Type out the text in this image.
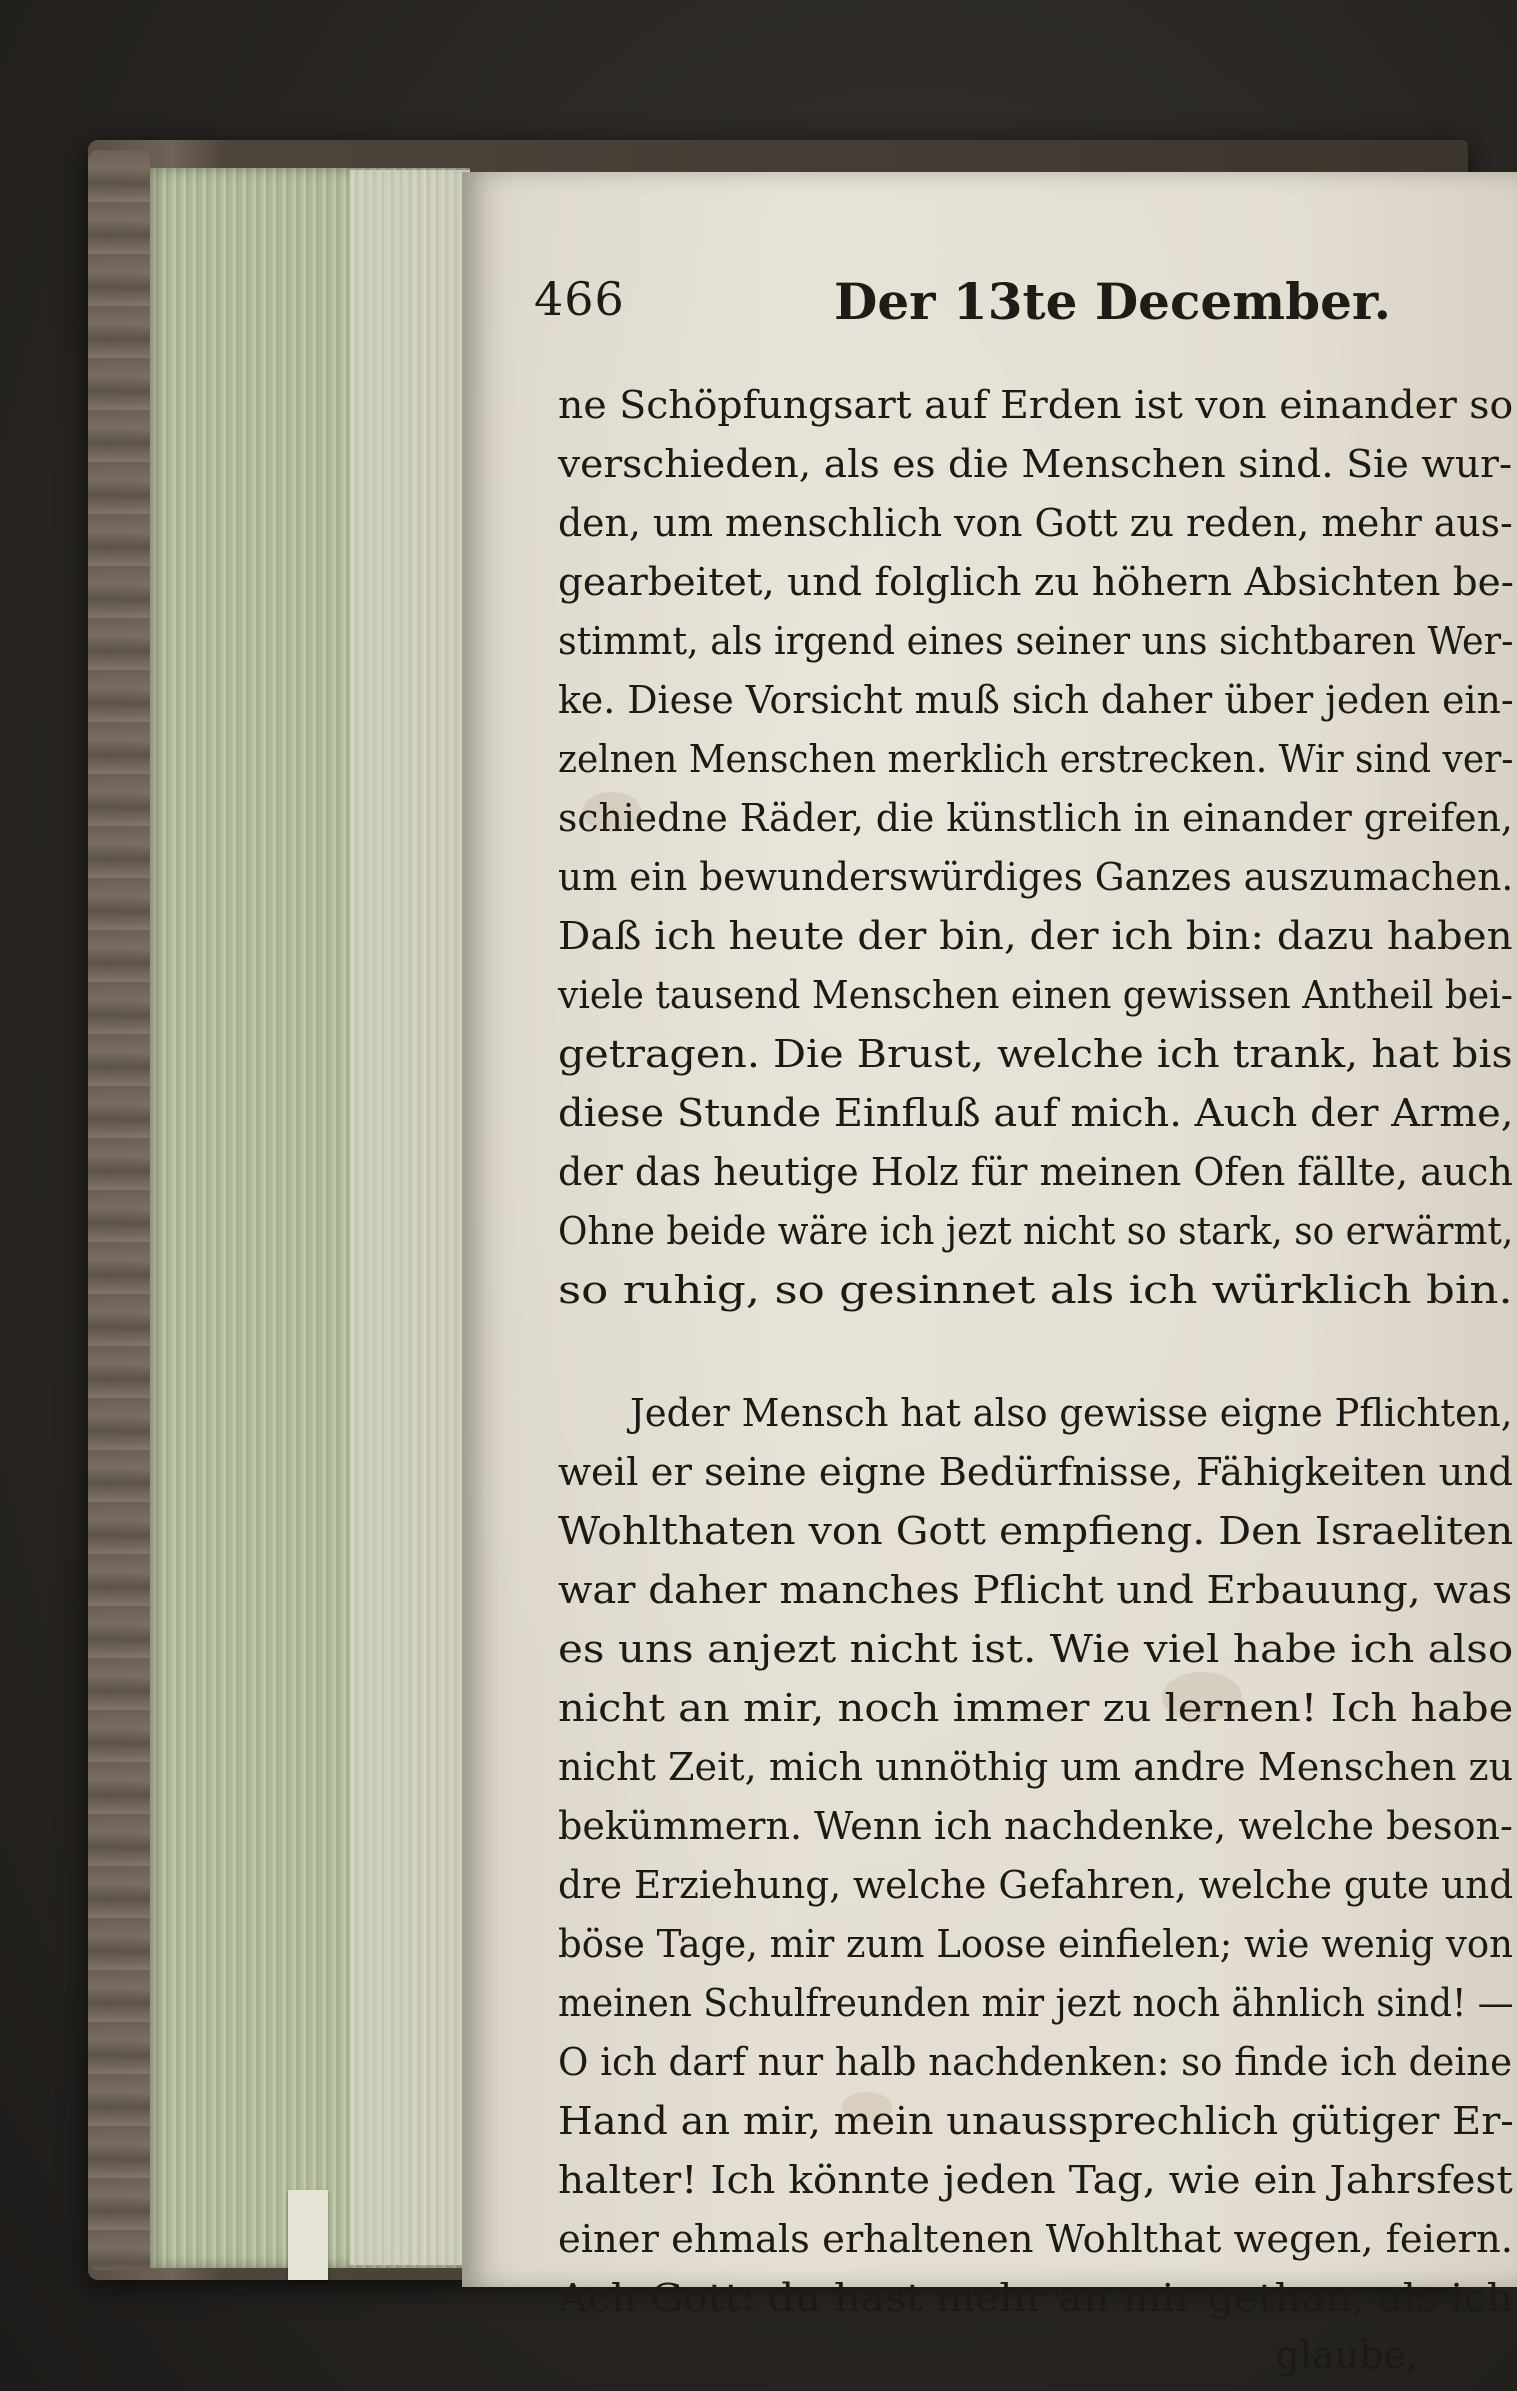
466	Der 13te December.
ne Schöpfungsart auf Erden ist von einander so
verschieden, als es die Menschen sind. Sie wur-
den, um menschlich von Gott zu reden, mehr aus-
gearbeitet, und folglich zu höhern Absichten be-
stimmt, als irgend eines seiner uns sichtbaren Wer-
ke. Diese Vorsicht muß sich daher über jeden ein-
zelnen Menschen merklich erstrecken. Wir sind ver-
schiedne Räder, die künstlich in einander greifen,
um ein bewunderswürdiges Ganzes auszumachen.
Daß ich heute der bin, der ich bin: dazu haben
viele tausend Menschen einen gewissen Antheil bei-
getragen. Die Brust, welche ich trank, hat bis
diese Stunde Einfluß auf mich. Auch der Arme,
der das heutige Holz für meinen Ofen fällte, auch
Ohne beide wäre ich jezt nicht so stark, so erwärmt,
so ruhig, so gesinnet als ich würklich bin.
Jeder Mensch hat also gewisse eigne Pflichten,
weil er seine eigne Bedürfnisse, Fähigkeiten und
Wohlthaten von Gott empfieng. Den Israeliten
war daher manches Pflicht und Erbauung, was
es uns anjezt nicht ist. Wie viel habe ich also
nicht an mir, noch immer zu lernen! Ich habe
nicht Zeit, mich unnöthig um andre Menschen zu
bekümmern. Wenn ich nachdenke, welche beson-
dre Erziehung, welche Gefahren, welche gute und
böse Tage, mir zum Loose einfielen; wie wenig von
meinen Schulfreunden mir jezt noch ähnlich sind! —
O ich darf nur halb nachdenken: so finde ich deine
Hand an mir, mein unaussprechlich gütiger Er-
halter! Ich könnte jeden Tag, wie ein Jahrsfest
einer ehmals erhaltenen Wohlthat wegen, feiern.
Ach Gott: du hast mehr an mir gethan, als ich
glaube,
